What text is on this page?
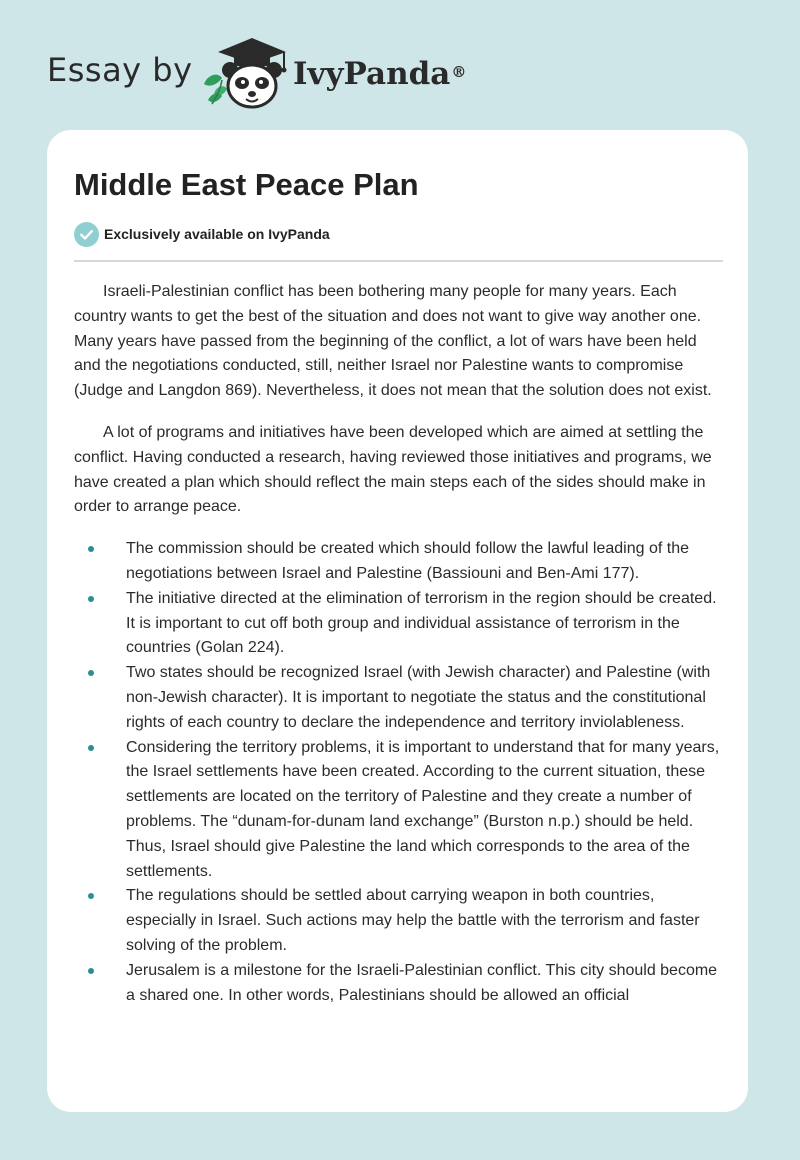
Essay by	IvyPanda®
Middle East Peace Plan
Exclusively available on IvyPanda

Israeli-Palestinian conflict has been bothering many people for many years. Each country wants to get the best of the situation and does not want to give way another one. Many years have passed from the beginning of the conflict, a lot of wars have been held and the negotiations conducted, still, neither Israel nor Palestine wants to compromise (Judge and Langdon 869). Nevertheless, it does not mean that the solution does not exist.

A lot of programs and initiatives have been developed which are aimed at settling the conflict. Having conducted a research, having reviewed those initiatives and programs, we have created a plan which should reflect the main steps each of the sides should make in order to arrange peace.

The commission should be created which should follow the lawful leading of the negotiations between Israel and Palestine (Bassiouni and Ben-Ami 177).
The initiative directed at the elimination of terrorism in the region should be created. It is important to cut off both group and individual assistance of terrorism in the countries (Golan 224).
Two states should be recognized Israel (with Jewish character) and Palestine (with non-Jewish character). It is important to negotiate the status and the constitutional rights of each country to declare the independence and territory inviolableness.
Considering the territory problems, it is important to understand that for many years, the Israel settlements have been created. According to the current situation, these settlements are located on the territory of Palestine and they create a number of problems. The “dunam-for-dunam land exchange” (Burston n.p.) should be held. Thus, Israel should give Palestine the land which corresponds to the area of the settlements.
The regulations should be settled about carrying weapon in both countries, especially in Israel. Such actions may help the battle with the terrorism and faster solving of the problem.
Jerusalem is a milestone for the Israeli-Palestinian conflict. This city should become a shared one. In other words, Palestinians should be allowed an official
